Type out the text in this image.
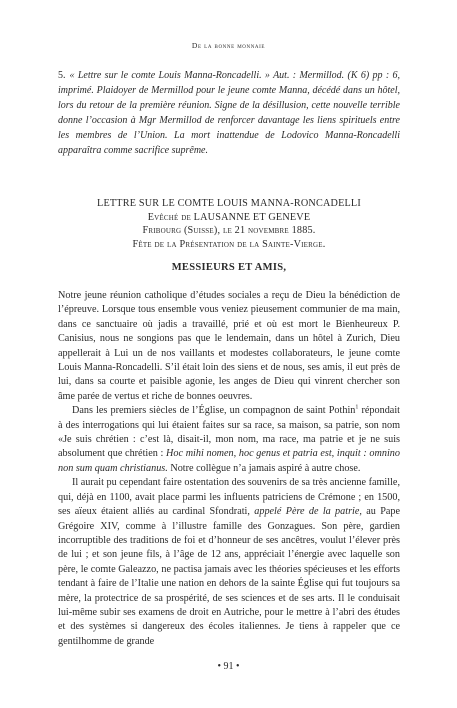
De la bonne monnaie
5. « Lettre sur le comte Louis Manna-Roncadelli. » Aut. : Mermillod. (K 6) pp : 6, imprimé. Plaidoyer de Mermillod pour le jeune comte Manna, décédé dans un hôtel, lors du retour de la première réunion. Signe de la désillusion, cette nouvelle terrible donne l’occasion à Mgr Mermillod de renforcer davantage les liens spirituels entre les membres de l’Union. La mort inattendue de Lodovico Manna-Roncadelli apparaîtra comme sacrifice suprême.
LETTRE SUR LE COMTE LOUIS MANNA-RONCADELLI
Evêché de LAUSANNE ET GENEVE
Fribourg (Suisse), le 21 novembre 1885.
Fête de la Présentation de la Sainte-Vierge.
MESSIEURS ET AMIS,

Notre jeune réunion catholique d’études sociales a reçu de Dieu la bénédiction de l’épreuve. Lorsque tous ensemble vous veniez pieusement communier de ma main, dans ce sanctuaire où jadis a travaillé, prié et où est mort le Bienheureux P. Canisius, nous ne songions pas que le lendemain, dans un hôtel à Zurich, Dieu appellerait à Lui un de nos vaillants et modestes collaborateurs, le jeune comte Louis Manna-Roncadelli. S’il était loin des siens et de nous, ses amis, il eut près de lui, dans sa courte et paisible agonie, les anges de Dieu qui vinrent chercher son âme parée de vertus et riche de bonnes oeuvres.

Dans les premiers siècles de l’Église, un compagnon de saint Pothin$^1$ répondait à des interrogations qui lui étaient faites sur sa race, sa maison, sa patrie, son nom «Je suis chrétien : c’est là, disait-il, mon nom, ma race, ma patrie et je ne suis absolument que chrétien : Hoc mihi nomen, hoc genus et patria est, inquit : omnino non sum quam christianus. Notre collègue n’a jamais aspiré à autre chose.

Il aurait pu cependant faire ostentation des souvenirs de sa très ancienne famille, qui, déjà en 1100, avait place parmi les influents patriciens de Crémone ; en 1500, ses aïeux étaient alliés au cardinal Sfondrati, appelé Père de la patrie, au Pape Grégoire XIV, comme à l’illustre famille des Gonzagues. Son père, gardien incorruptible des traditions de foi et d’honneur de ses ancêtres, voulut l’élever près de lui ; et son jeune fils, à l’âge de 12 ans, appréciait l’énergie avec laquelle son père, le comte Galeazzo, ne pactisa jamais avec les théories spécieuses et les efforts tendant à faire de l’Italie une nation en dehors de la sainte Église qui fut toujours sa mère, la protectrice de sa prospérité, de ses sciences et de ses arts. Il le conduisait lui-même subir ses examens de droit en Autriche, pour le mettre à l’abri des études et des systèmes si dangereux des écoles italiennes. Je tiens à rappeler que ce gentilhomme de grande

• 91 •
